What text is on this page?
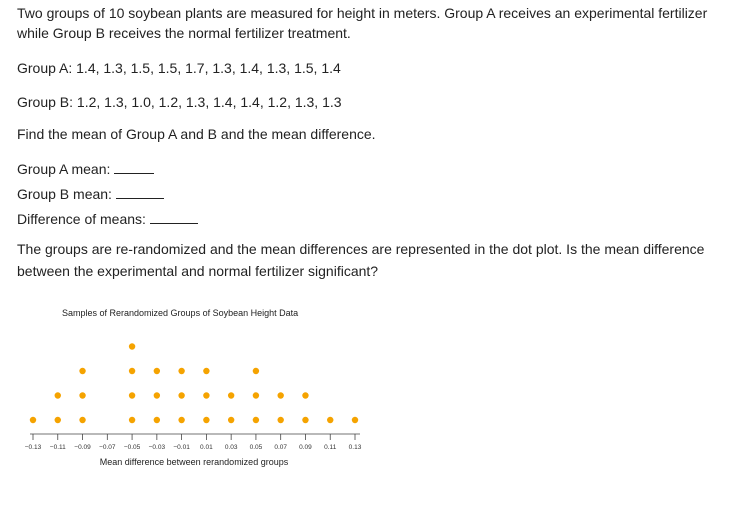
Two groups of 10 soybean plants are measured for height in meters. Group A receives an experimental fertilizer while Group B receives the normal fertilizer treatment.

Group A: 1.4, 1.3, 1.5, 1.5, 1.7, 1.3, 1.4, 1.3, 1.5, 1.4

Group B: 1.2, 1.3, 1.0, 1.2, 1.3, 1.4, 1.4, 1.2, 1.3, 1.3

Find the mean of Group A and B and the mean difference.

Group A mean:

Group B mean:

Difference of means:

The groups are re-randomized and the mean differences are represented in the dot plot. Is the mean difference between the experimental and normal fertilizer significant?

Samples of Rerandomized Groups of Soybean Height Data
−0.13 −0.11 −0.09 −0.07 −0.05 −0.03 −0.01 0.01 0.03 0.05 0.07 0.09 0.11 0.13
Mean difference between rerandomized groups
